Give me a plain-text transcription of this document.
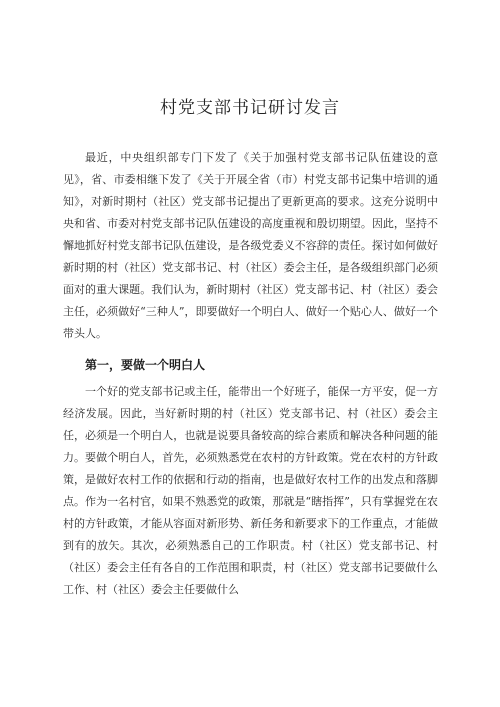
村党支部书记研讨发言

最近，中央组织部专门下发了《关于加强村党支部书记队伍建设的意见》，省、市委相继下发了《关于开展全省（市）村党支部书记集中培训的通知》，对新时期村（社区）党支部书记提出了更新更高的要求。这充分说明中央和省、市委对村党支部书记队伍建设的高度重视和殷切期望。因此，坚持不懈地抓好村党支部书记队伍建设，是各级党委义不容辞的责任。探讨如何做好新时期的村（社区）党支部书记、村（社区）委会主任，是各级组织部门必须面对的重大课题。我们认为，新时期村（社区）党支部书记、村（社区）委会主任，必须做好“三种人”，即要做好一个明白人、做好一个贴心人、做好一个带头人。

第一，要做一个明白人

一个好的党支部书记或主任，能带出一个好班子，能保一方平安，促一方经济发展。因此，当好新时期的村（社区）党支部书记、村（社区）委会主任，必须是一个明白人，也就是说要具备较高的综合素质和解决各种问题的能力。要做个明白人，首先，必须熟悉党在农村的方针政策。党在农村的方针政策，是做好农村工作的依据和行动的指南，也是做好农村工作的出发点和落脚点。作为一名村官，如果不熟悉党的政策，那就是“瞎指挥”，只有掌握党在农村的方针政策，才能从容面对新形势、新任务和新要求下的工作重点，才能做到有的放矢。其次，必须熟悉自己的工作职责。村（社区）党支部书记、村（社区）委会主任有各自的工作范围和职责，村（社区）党支部书记要做什么工作、村（社区）委会主任要做什么
